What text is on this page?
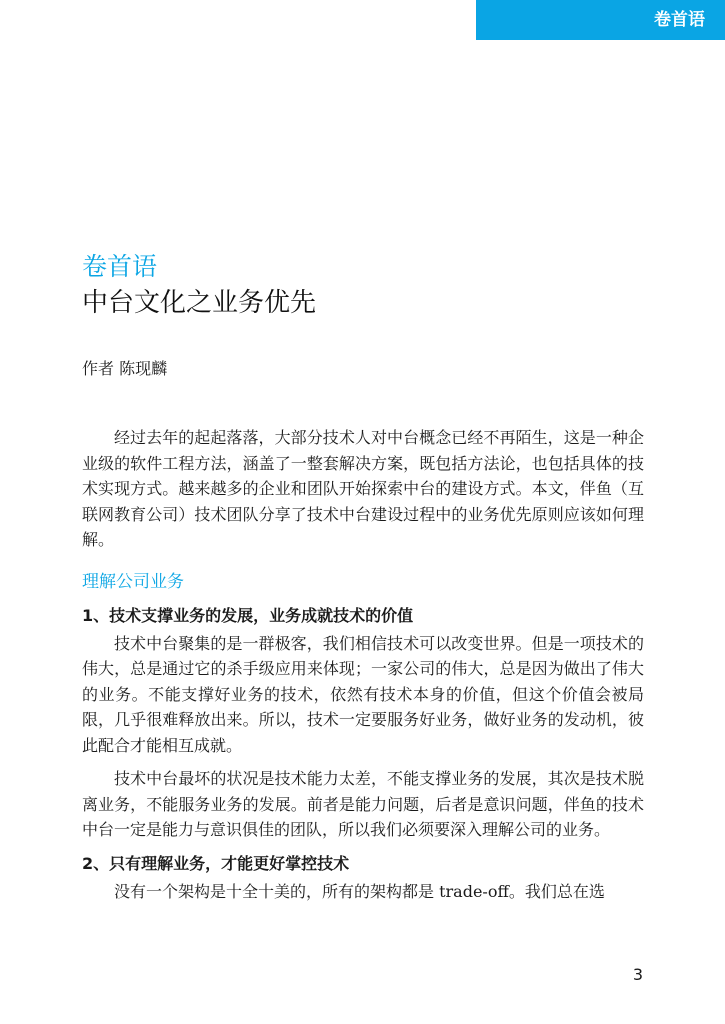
卷首语
卷首语
中台文化之业务优先
作者 陈现麟

经过去年的起起落落，大部分技术人对中台概念已经不再陌生，这是一种企业级的软件工程方法，涵盖了一整套解决方案，既包括方法论，也包括具体的技术实现方式。越来越多的企业和团队开始探索中台的建设方式。本文，伴鱼（互联网教育公司）技术团队分享了技术中台建设过程中的业务优先原则应该如何理解。

理解公司业务
1、技术支撑业务的发展，业务成就技术的价值

技术中台聚集的是一群极客，我们相信技术可以改变世界。但是一项技术的伟大，总是通过它的杀手级应用来体现；一家公司的伟大，总是因为做出了伟大的业务。不能支撑好业务的技术，依然有技术本身的价值，但这个价值会被局限，几乎很难释放出来。所以，技术一定要服务好业务，做好业务的发动机，彼此配合才能相互成就。

技术中台最坏的状况是技术能力太差，不能支撑业务的发展，其次是技术脱离业务，不能服务业务的发展。前者是能力问题，后者是意识问题，伴鱼的技术中台一定是能力与意识俱佳的团队，所以我们必须要深入理解公司的业务。

2、只有理解业务，才能更好掌控技术

没有一个架构是十全十美的，所有的架构都是 trade-off。我们总在选

3
